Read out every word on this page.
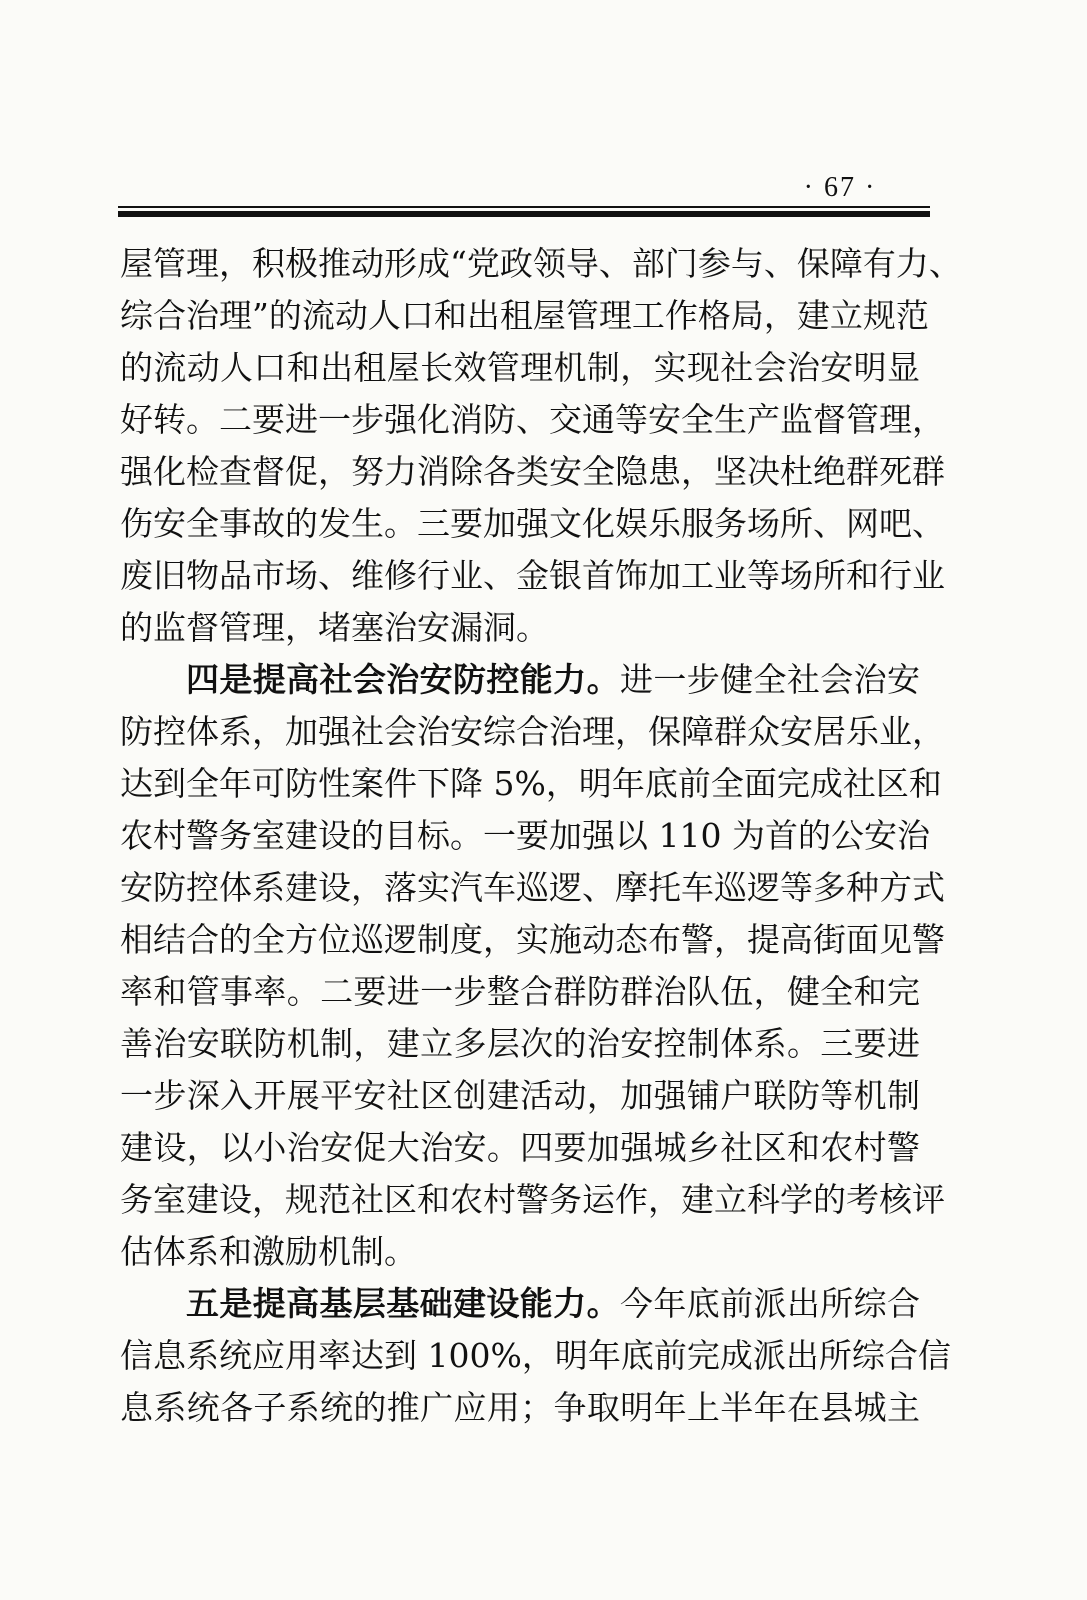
· 67 ·
屋管理，积极推动形成“党政领导、部门参与、保障有力、
综合治理”的流动人口和出租屋管理工作格局，建立规范
的流动人口和出租屋长效管理机制，实现社会治安明显
好转。二要进一步强化消防、交通等安全生产监督管理，
强化检查督促，努力消除各类安全隐患，坚决杜绝群死群
伤安全事故的发生。三要加强文化娱乐服务场所、网吧、
废旧物品市场、维修行业、金银首饰加工业等场所和行业
的监督管理，堵塞治安漏洞。
四是提高社会治安防控能力。进一步健全社会治安
防控体系，加强社会治安综合治理，保障群众安居乐业，
达到全年可防性案件下降 5%，明年底前全面完成社区和
农村警务室建设的目标。一要加强以 110 为首的公安治
安防控体系建设，落实汽车巡逻、摩托车巡逻等多种方式
相结合的全方位巡逻制度，实施动态布警，提高街面见警
率和管事率。二要进一步整合群防群治队伍，健全和完
善治安联防机制，建立多层次的治安控制体系。三要进
一步深入开展平安社区创建活动，加强铺户联防等机制
建设，以小治安促大治安。四要加强城乡社区和农村警
务室建设，规范社区和农村警务运作，建立科学的考核评
估体系和激励机制。
五是提高基层基础建设能力。今年底前派出所综合
信息系统应用率达到 100%，明年底前完成派出所综合信
息系统各子系统的推广应用；争取明年上半年在县城主
